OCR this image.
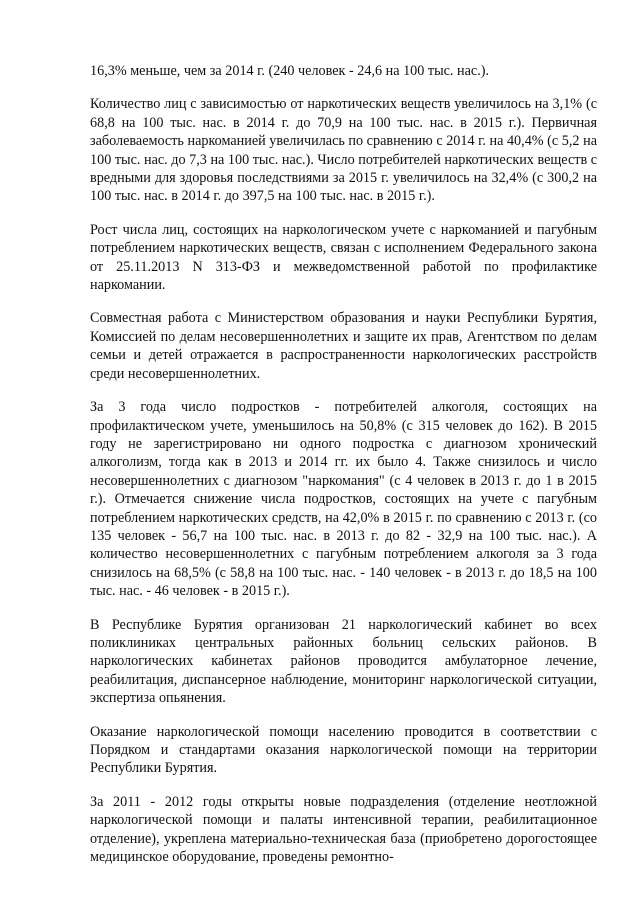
16,3% меньше, чем за 2014 г. (240 человек - 24,6 на 100 тыс. нас.).

Количество лиц с зависимостью от наркотических веществ увеличилось на 3,1% (с 68,8 на 100 тыс. нас. в 2014 г. до 70,9 на 100 тыс. нас. в 2015 г.). Первичная заболеваемость наркоманией увеличилась по сравнению с 2014 г. на 40,4% (с 5,2 на 100 тыс. нас. до 7,3 на 100 тыс. нас.). Число потребителей наркотических веществ с вредными для здоровья последствиями за 2015 г. увеличилось на 32,4% (с 300,2 на 100 тыс. нас. в 2014 г. до 397,5 на 100 тыс. нас. в 2015 г.).

Рост числа лиц, состоящих на наркологическом учете с наркоманией и пагубным потреблением наркотических веществ, связан с исполнением Федерального закона от 25.11.2013 N 313-ФЗ и межведомственной работой по профилактике наркомании.

Совместная работа с Министерством образования и науки Республики Бурятия, Комиссией по делам несовершеннолетних и защите их прав, Агентством по делам семьи и детей отражается в распространенности наркологических расстройств среди несовершеннолетних.

За 3 года число подростков - потребителей алкоголя, состоящих на профилактическом учете, уменьшилось на 50,8% (с 315 человек до 162). В 2015 году не зарегистрировано ни одного подростка с диагнозом хронический алкоголизм, тогда как в 2013 и 2014 гг. их было 4. Также снизилось и число несовершеннолетних с диагнозом "наркомания" (с 4 человек в 2013 г. до 1 в 2015 г.). Отмечается снижение числа подростков, состоящих на учете с пагубным потреблением наркотических средств, на 42,0% в 2015 г. по сравнению с 2013 г. (со 135 человек - 56,7 на 100 тыс. нас. в 2013 г. до 82 - 32,9 на 100 тыс. нас.). А количество несовершеннолетних с пагубным потреблением алкоголя за 3 года снизилось на 68,5% (с 58,8 на 100 тыс. нас. - 140 человек - в 2013 г. до 18,5 на 100 тыс. нас. - 46 человек - в 2015 г.).

В Республике Бурятия организован 21 наркологический кабинет во всех поликлиниках центральных районных больниц сельских районов. В наркологических кабинетах районов проводится амбулаторное лечение, реабилитация, диспансерное наблюдение, мониторинг наркологической ситуации, экспертиза опьянения.

Оказание наркологической помощи населению проводится в соответствии с Порядком и стандартами оказания наркологической помощи на территории Республики Бурятия.

За 2011 - 2012 годы открыты новые подразделения (отделение неотложной наркологической помощи и палаты интенсивной терапии, реабилитационное отделение), укреплена материально-техническая база (приобретено дорогостоящее медицинское оборудование, проведены ремонтно-
